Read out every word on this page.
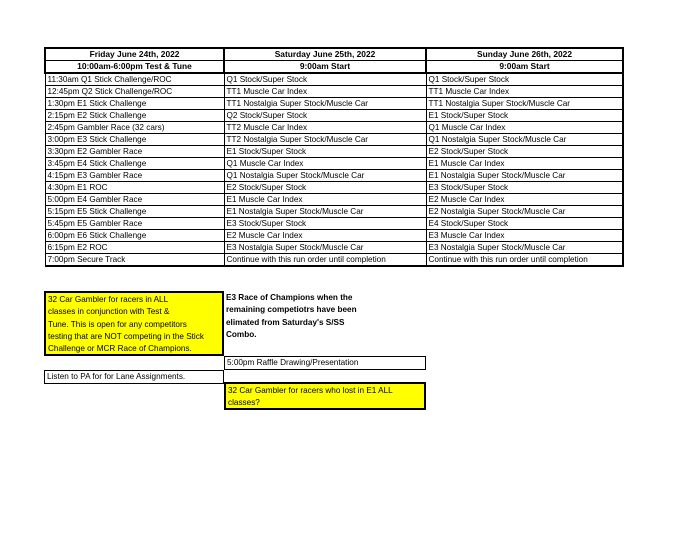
Friday June 24th, 2022	Saturday June 25th, 2022	Sunday June 26th, 2022
10:00am-6:00pm Test & Tune	9:00am Start	9:00am Start
11:30am Q1 Stick Challenge/ROC	Q1 Stock/Super Stock	Q1 Stock/Super Stock
12:45pm Q2 Stick Challenge/ROC	TT1 Muscle Car Index	TT1 Muscle Car Index
1:30pm E1 Stick Challenge	TT1 Nostalgia Super Stock/Muscle Car	TT1 Nostalgia Super Stock/Muscle Car
2:15pm E2 Stick Challenge	Q2 Stock/Super Stock	E1 Stock/Super Stock
2:45pm Gambler Race (32 cars)	TT2 Muscle Car Index	Q1 Muscle Car Index
3:00pm E3 Stick Challenge	TT2 Nostalgia Super Stock/Muscle Car	Q1 Nostalgia Super Stock/Muscle Car
3:30pm E2 Gambler Race	E1 Stock/Super Stock	E2 Stock/Super Stock
3:45pm E4 Stick Challenge	Q1 Muscle Car Index	E1 Muscle Car Index
4:15pm E3 Gambler Race	Q1 Nostalgia Super Stock/Muscle Car	E1 Nostalgia Super Stock/Muscle Car
4:30pm E1 ROC	E2 Stock/Super Stock	E3 Stock/Super Stock
5:00pm E4 Gambler Race	E1 Muscle Car Index	E2 Muscle Car Index
5:15pm E5 Stick Challenge	E1 Nostalgia Super Stock/Muscle Car	E2 Nostalgia Super Stock/Muscle Car
5:45pm E5 Gambler Race	E3 Stock/Super Stock	E4 Stock/Super Stock
6:00pm E6 Stick Challenge	E2 Muscle Car Index	E3 Muscle Car Index
6:15pm E2 ROC	E3 Nostalgia Super Stock/Muscle Car	E3 Nostalgia Super Stock/Muscle Car
7:00pm Secure Track	Continue with this run order until completion	Continue with this run order until completion
32 Car Gambler for racers in ALL
classes in conjunction with Test &
Tune. This is open for any competitors
testing that are NOT competing in the Stick
Challenge or MCR Race of Champions.
E3 Race of Champions when the
remaining competiotrs have been
elimated from Saturday's S/SS
Combo.
5:00pm Raffle Drawing/Presentation
Listen to PA for for Lane Assignments.
32 Car Gambler for racers who lost in E1 ALL
classes?
